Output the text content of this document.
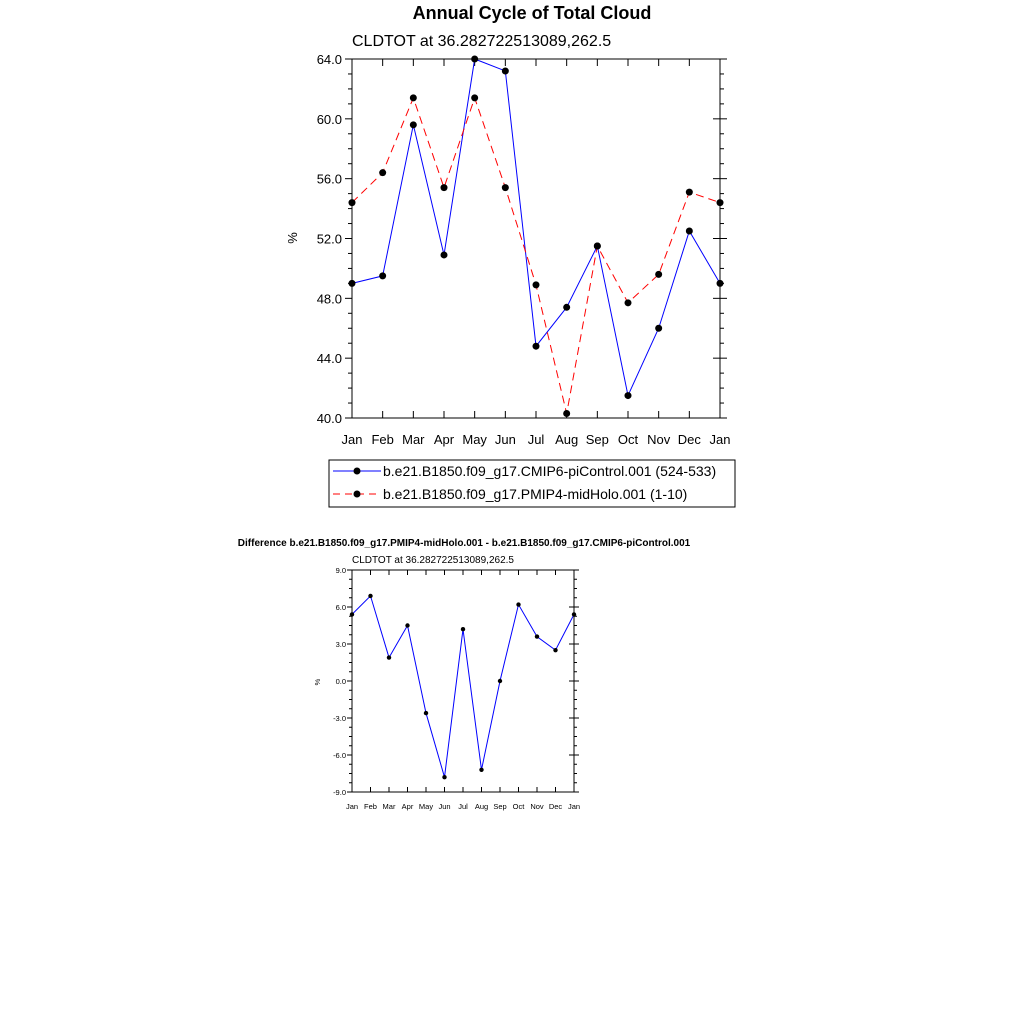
Annual Cycle of Total Cloud
CLDTOT at 36.282722513089,262.5
Jan Feb Mar Apr May Jun Jul Aug Sep Oct Nov Dec Jan
40.0
44.0
48.0
52.0
56.0
60.0
64.0
%
b.e21.B1850.f09_g17.CMIP6-piControl.001 (524-533)
b.e21.B1850.f09_g17.PMIP4-midHolo.001 (1-10)
Difference b.e21.B1850.f09_g17.PMIP4-midHolo.001 - b.e21.B1850.f09_g17.CMIP6-piControl.001
CLDTOT at 36.282722513089,262.5
Jan Feb Mar Apr May Jun Jul Aug Sep Oct Nov Dec Jan
-9.0
-6.0
-3.0
0.0
3.0
6.0
9.0
%
